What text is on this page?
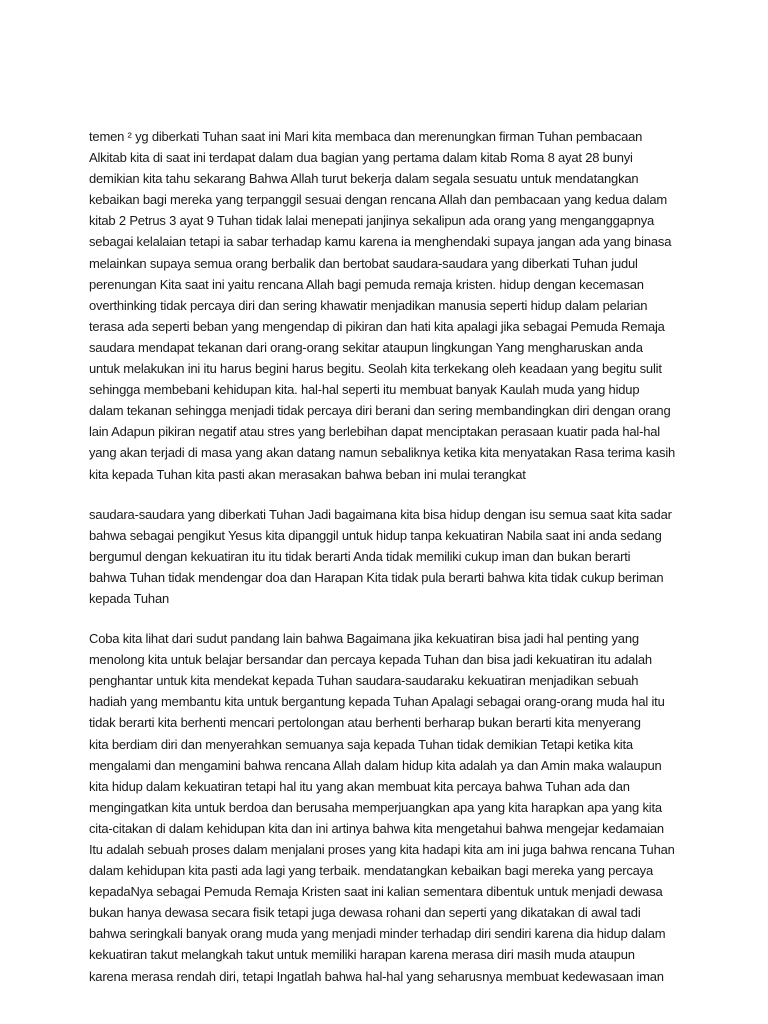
temen ² yg diberkati Tuhan saat ini Mari kita membaca dan merenungkan firman Tuhan pembacaan
Alkitab kita di saat ini terdapat dalam dua bagian yang pertama dalam kitab Roma 8 ayat 28 bunyi
demikian kita tahu sekarang Bahwa Allah turut bekerja dalam segala sesuatu untuk mendatangkan
kebaikan bagi mereka yang terpanggil sesuai dengan rencana Allah dan pembacaan yang kedua dalam
kitab 2 Petrus 3 ayat 9 Tuhan tidak lalai menepati janjinya sekalipun ada orang yang menganggapnya
sebagai kelalaian tetapi ia sabar terhadap kamu karena ia menghendaki supaya jangan ada yang binasa
melainkan supaya semua orang berbalik dan bertobat saudara-saudara yang diberkati Tuhan judul
perenungan Kita saat ini yaitu rencana Allah bagi pemuda remaja kristen. hidup dengan kecemasan
overthinking tidak percaya diri dan sering khawatir menjadikan manusia seperti hidup dalam pelarian
terasa ada seperti beban yang mengendap di pikiran dan hati kita apalagi jika sebagai Pemuda Remaja
saudara mendapat tekanan dari orang-orang sekitar ataupun lingkungan Yang mengharuskan anda
untuk melakukan ini itu harus begini harus begitu. Seolah kita terkekang oleh keadaan yang begitu sulit
sehingga membebani kehidupan kita. hal-hal seperti itu membuat banyak Kaulah muda yang hidup
dalam tekanan sehingga menjadi tidak percaya diri berani dan sering membandingkan diri dengan orang
lain Adapun pikiran negatif atau stres yang berlebihan dapat menciptakan perasaan kuatir pada hal-hal
yang akan terjadi di masa yang akan datang namun sebaliknya ketika kita menyatakan Rasa terima kasih
kita kepada Tuhan kita pasti akan merasakan bahwa beban ini mulai terangkat

saudara-saudara yang diberkati Tuhan Jadi bagaimana kita bisa hidup dengan isu semua saat kita sadar
bahwa sebagai pengikut Yesus kita dipanggil untuk hidup tanpa kekuatiran Nabila saat ini anda sedang
bergumul dengan kekuatiran itu itu tidak berarti Anda tidak memiliki cukup iman dan bukan berarti
bahwa Tuhan tidak mendengar doa dan Harapan Kita tidak pula berarti bahwa kita tidak cukup beriman
kepada Tuhan

Coba kita lihat dari sudut pandang lain bahwa Bagaimana jika kekuatiran bisa jadi hal penting yang
menolong kita untuk belajar bersandar dan percaya kepada Tuhan dan bisa jadi kekuatiran itu adalah
penghantar untuk kita mendekat kepada Tuhan saudara-saudaraku kekuatiran menjadikan sebuah
hadiah yang membantu kita untuk bergantung kepada Tuhan Apalagi sebagai orang-orang muda hal itu
tidak berarti kita berhenti mencari pertolongan atau berhenti berharap bukan berarti kita menyerang
kita berdiam diri dan menyerahkan semuanya saja kepada Tuhan tidak demikian Tetapi ketika kita
mengalami dan mengamini bahwa rencana Allah dalam hidup kita adalah ya dan Amin maka walaupun
kita hidup dalam kekuatiran tetapi hal itu yang akan membuat kita percaya bahwa Tuhan ada dan
mengingatkan kita untuk berdoa dan berusaha memperjuangkan apa yang kita harapkan apa yang kita
cita-citakan di dalam kehidupan kita dan ini artinya bahwa kita mengetahui bahwa mengejar kedamaian
Itu adalah sebuah proses dalam menjalani proses yang kita hadapi kita am ini juga bahwa rencana Tuhan
dalam kehidupan kita pasti ada lagi yang terbaik. mendatangkan kebaikan bagi mereka yang percaya
kepadaNya sebagai Pemuda Remaja Kristen saat ini kalian sementara dibentuk untuk menjadi dewasa
bukan hanya dewasa secara fisik tetapi juga dewasa rohani dan seperti yang dikatakan di awal tadi
bahwa seringkali banyak orang muda yang menjadi minder terhadap diri sendiri karena dia hidup dalam
kekuatiran takut melangkah takut untuk memiliki harapan karena merasa diri masih muda ataupun
karena merasa rendah diri, tetapi Ingatlah bahwa hal-hal yang seharusnya membuat kedewasaan iman
